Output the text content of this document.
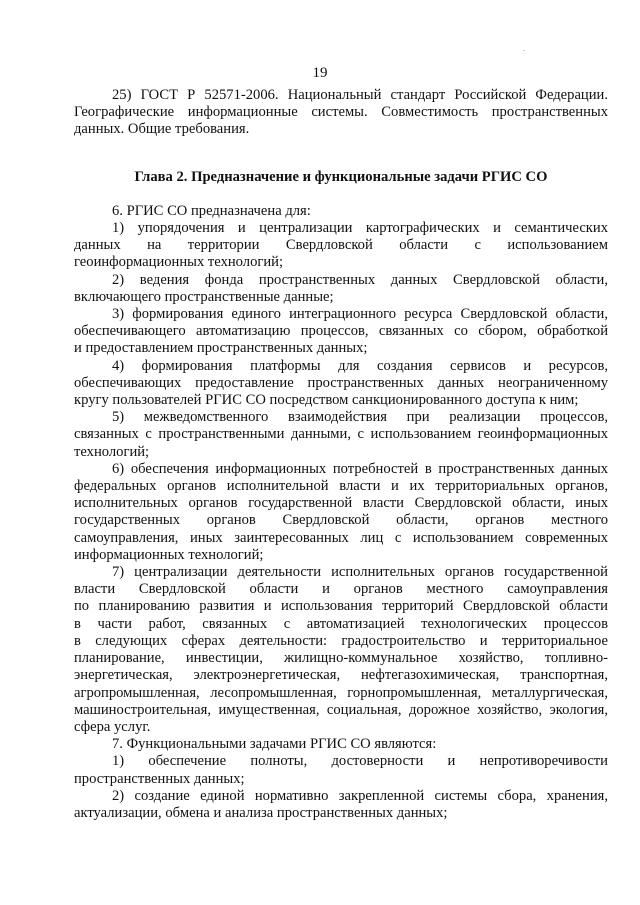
19
25) ГОСТ Р 52571-2006. Национальный стандарт Российской Федерации.
Географические информационные системы. Совместимость пространственных
данных. Общие требования.
Глава 2. Предназначение и функциональные задачи РГИС СО
6. РГИС СО предназначена для:
1) упорядочения и централизации картографических и семантических
данных на территории Свердловской области с использованием
геоинформационных технологий;
2) ведения фонда пространственных данных Свердловской области,
включающего пространственные данные;
3) формирования единого интеграционного ресурса Свердловской области,
обеспечивающего автоматизацию процессов, связанных со сбором, обработкой
и предоставлением пространственных данных;
4) формирования платформы для создания сервисов и ресурсов,
обеспечивающих предоставление пространственных данных неограниченному
кругу пользователей РГИС СО посредством санкционированного доступа к ним;
5) межведомственного взаимодействия при реализации процессов,
связанных с пространственными данными, с использованием геоинформационных
технологий;
6) обеспечения информационных потребностей в пространственных данных
федеральных органов исполнительной власти и их территориальных органов,
исполнительных органов государственной власти Свердловской области, иных
государственных органов Свердловской области, органов местного
самоуправления, иных заинтересованных лиц с использованием современных
информационных технологий;
7) централизации деятельности исполнительных органов государственной
власти Свердловской области и органов местного самоуправления
по планированию развития и использования территорий Свердловской области
в части работ, связанных с автоматизацией технологических процессов
в следующих сферах деятельности: градостроительство и территориальное
планирование, инвестиции, жилищно-коммунальное хозяйство, топливно-
энергетическая, электроэнергетическая, нефтегазохимическая, транспортная,
агропромышленная, лесопромышленная, горнопромышленная, металлургическая,
машиностроительная, имущественная, социальная, дорожное хозяйство, экология,
сфера услуг.
7. Функциональными задачами РГИС СО являются:
1) обеспечение полноты, достоверности и непротиворечивости
пространственных данных;
2) создание единой нормативно закрепленной системы сбора, хранения,
актуализации, обмена и анализа пространственных данных;
